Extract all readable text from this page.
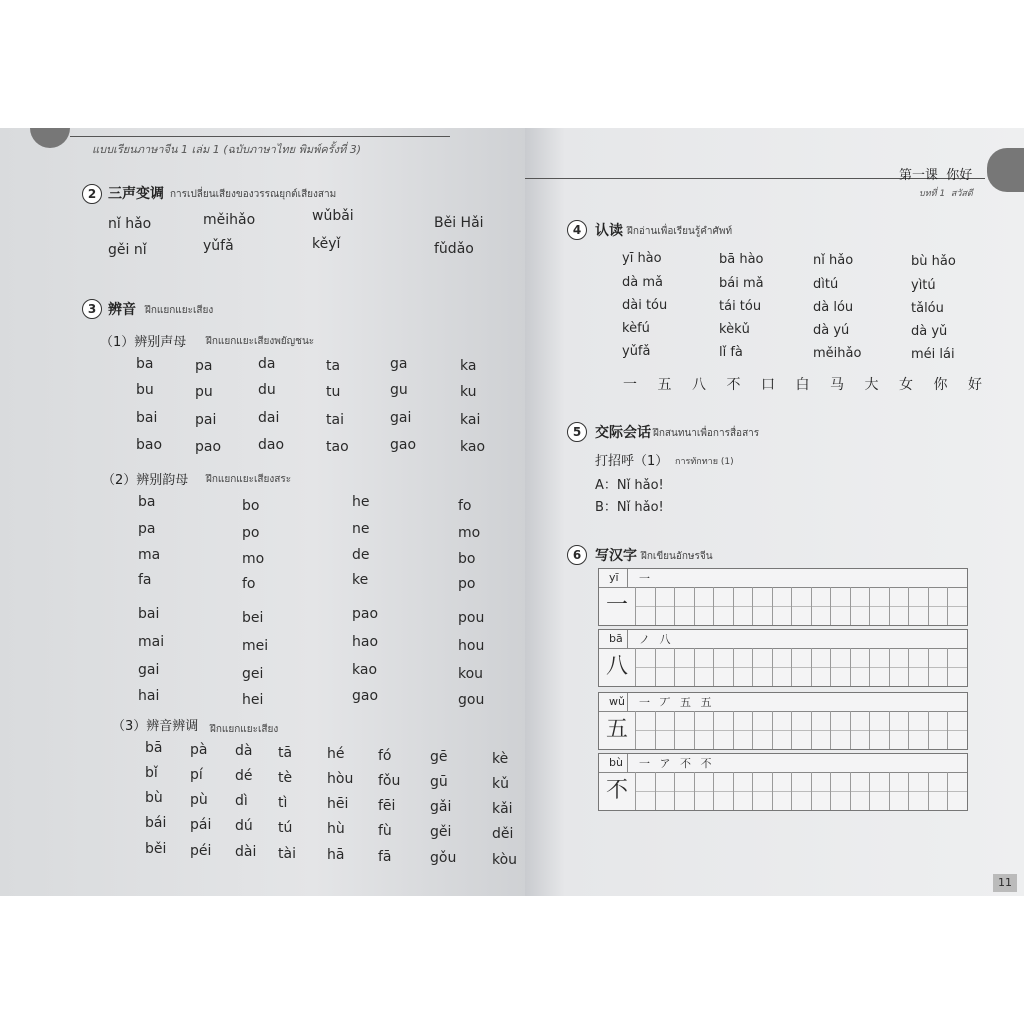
แบบเรียนภาษาจีน 1 เล่ม 1 (ฉบับภาษาไทย พิมพ์ครั้งที่ 3)
2 三声变调 การเปลี่ยนเสียงของวรรณยุกต์เสียงสาม
nǐ hǎo	měihǎo	wǔbǎi	Běi Hǎi
gěi nǐ	yǔfǎ	kěyǐ	fǔdǎo
3 辨音 ฝึกแยกแยะเสียง
（1）辨别声母 ฝึกแยกแยะเสียงพยัญชนะ
（2）辨别韵母 ฝึกแยกแยะเสียงสระ
（3）辨音辨调 ฝึกแยกแยะเสียง
ba	pa	da	ta	ga	ka
bu	pu	du	tu	gu	ku
bai	pai	dai	tai	gai	kai
bao pao	dao	tao	gao	kao
ba	bo	he	fo
pa	po	ne	mo
ma	mo	de	bo
fa	fo	ke	po
bai	bei	pao	pou
mai	mei	hao	hou
gai	gei	kao	kou
hai	hei	gao	gou
bā pà dà tā hé fó	gē	kè
bǐ pí dé tè hòu fǒu gū	kǔ
bù pù dì tì	hēi fēi gǎi	kǎi
bái pái dú tú hù fù	gěi	děi
běi péi dài tài hā fā	gǒu	kòu
第一课  你好
บทที่ 1  สวัสดี
4 认读 ฝึกอ่านเพื่อเรียนรู้คำศัพท์
5 交际会话 ฝึกสนทนาเพื่อการสื่อสาร
打招呼（1） การทักทาย (1)
A：Nǐ hǎo!
B：Nǐ hǎo!
6 写汉字 ฝึกเขียนอักษรจีน
11
yī hào	bā hào	nǐ hǎo	bù hǎo
dà mǎ	bái mǎ	dìtú	yìtú
dài tóu	tái tóu	dà lóu	tǎlóu
kèfú	kèkǔ	dà yú	dà yǔ
yǔfǎ	lǐ fà	měihǎo	méi lái
一 五 八 不 口 白 马 大 女 你 好
yī 一
一
bā ノ 八
八
wǔ 一 丆 五 五
五
bù 一 ア 不 不
不
